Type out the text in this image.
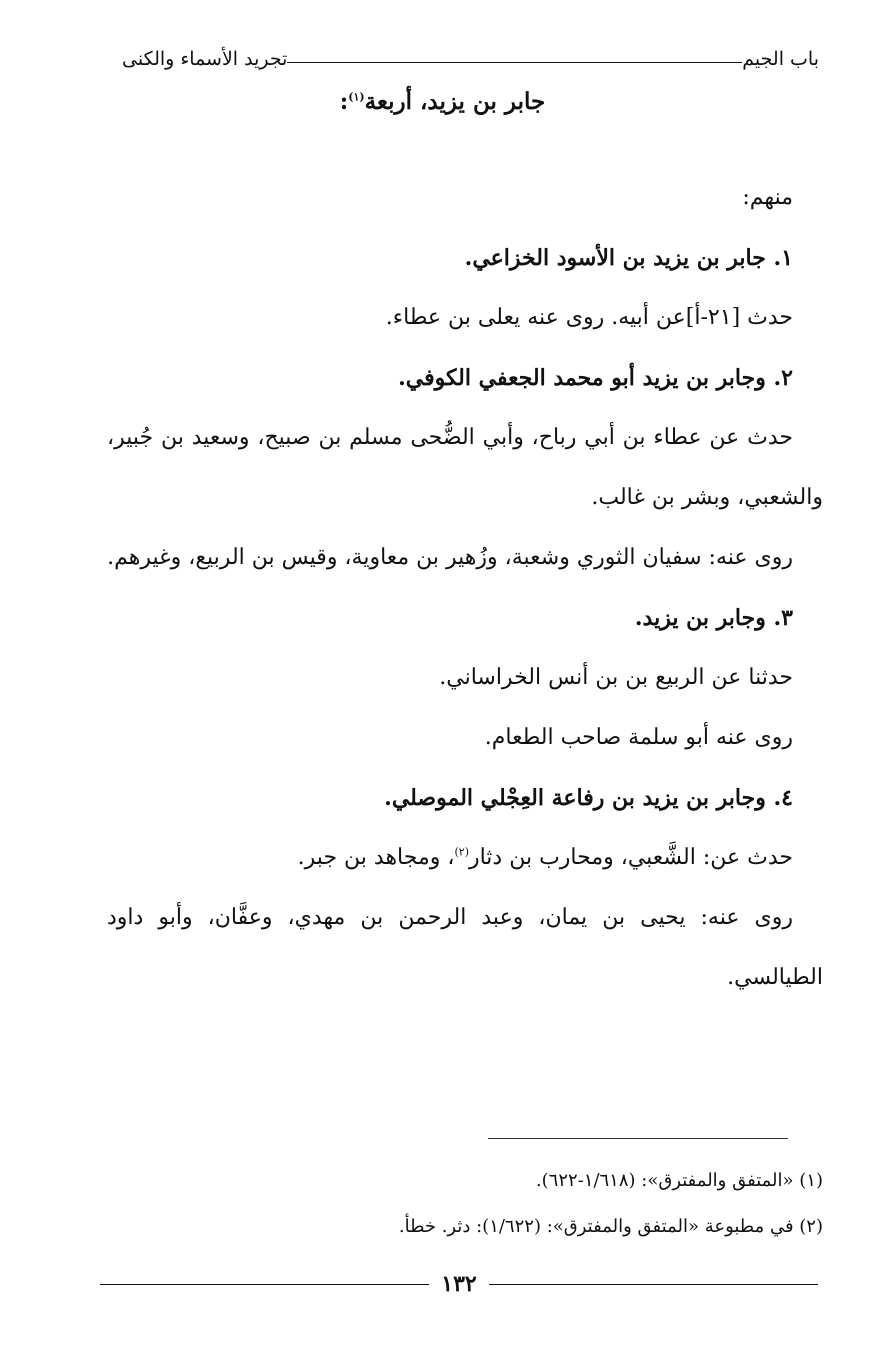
باب الجيم
تجريد الأسماء والكنى
جابر بن يزيد، أربعة$^{(١)}$:

منهم:

١. جابر بن يزيد بن الأسود الخزاعي.

حدث [٢١-أ]عن أبيه. روى عنه يعلى بن عطاء.

٢. وجابر بن يزيد أبو محمد الجعفي الكوفي.

حدث عن عطاء بن أبي رباح، وأبي الضُّحى مسلم بن صبيح، وسعيد بن جُبير، والشعبي، وبشر بن غالب.

روى عنه: سفيان الثوري وشعبة، وزُهير بن معاوية، وقيس بن الربيع، وغيرهم.

٣. وجابر بن يزيد.

حدثنا عن الربيع بن بن أنس الخراساني.

روى عنه أبو سلمة صاحب الطعام.

٤. وجابر بن يزيد بن رفاعة العِجْلي الموصلي.

حدث عن: الشَّعبي، ومحارب بن دثار$^{(٢)}$، ومجاهد بن جبر.

روى عنه: يحيى بن يمان، وعبد الرحمن بن مهدي، وعفَّان، وأبو داود الطيالسي.

(١) «المتفق والمفترق»: (١/٦١٨-٦٢٢).

(٢) في مطبوعة «المتفق والمفترق»: (١/٦٢٢): دثر. خطأ.

١٣٢
